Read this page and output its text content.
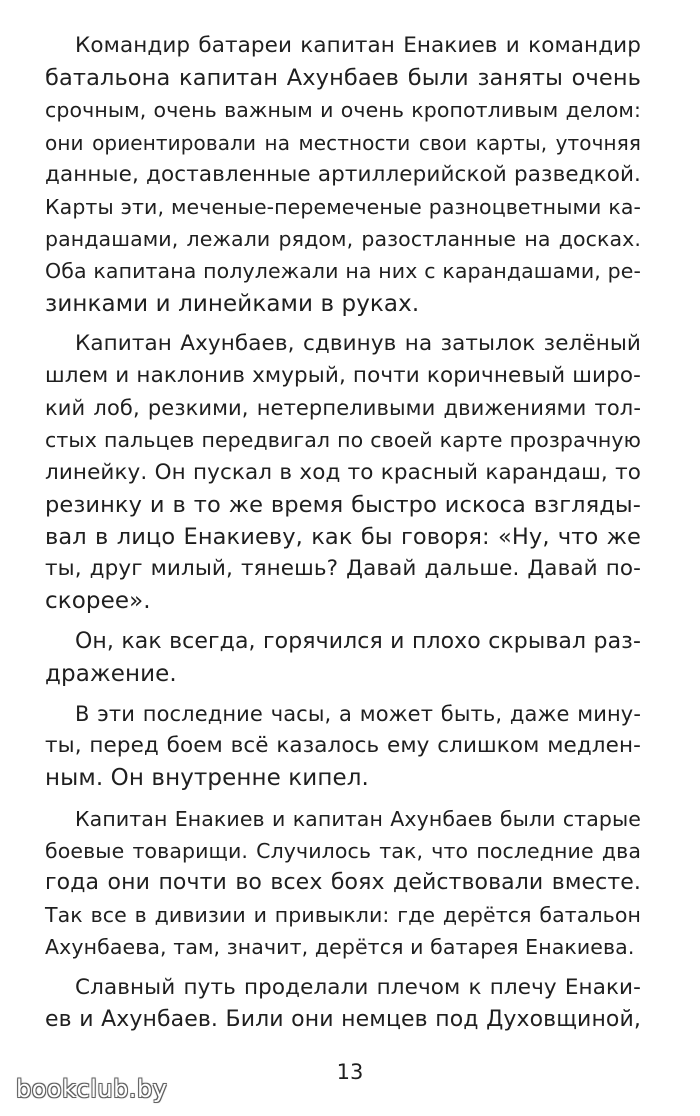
Командир батареи капитан Енакиев и командир
батальона капитан Ахунбаев были заняты очень
срочным, очень важным и очень кропотливым делом:
они ориентировали на местности свои карты, уточняя
данные, доставленные артиллерийской разведкой.
Карты эти, меченые-перемеченые разноцветными ка-
рандашами, лежали рядом, разостланные на досках.
Оба капитана полулежали на них с карандашами, ре-
зинками и линейками в руках.
Капитан Ахунбаев, сдвинув на затылок зелёный
шлем и наклонив хмурый, почти коричневый широ-
кий лоб, резкими, нетерпеливыми движениями тол-
стых пальцев передвигал по своей карте прозрачную
линейку. Он пускал в ход то красный карандаш, то
резинку и в то же время быстро искоса взгляды-
вал в лицо Енакиеву, как бы говоря: «Ну, что же
ты, друг милый, тянешь? Давай дальше. Давай по-
скорее».
Он, как всегда, горячился и плохо скрывал раз-
дражение.
В эти последние часы, а может быть, даже мину-
ты, перед боем всё казалось ему слишком медлен-
ным. Он внутренне кипел.
Капитан Енакиев и капитан Ахунбаев были старые
боевые товарищи. Случилось так, что последние два
года они почти во всех боях действовали вместе.
Так все в дивизии и привыкли: где дерётся батальон
Ахунбаева, там, значит, дерётся и батарея Енакиева.
Славный путь проделали плечом к плечу Енаки-
ев и Ахунбаев. Били они немцев под Духовщиной,
13
bookclub.by
